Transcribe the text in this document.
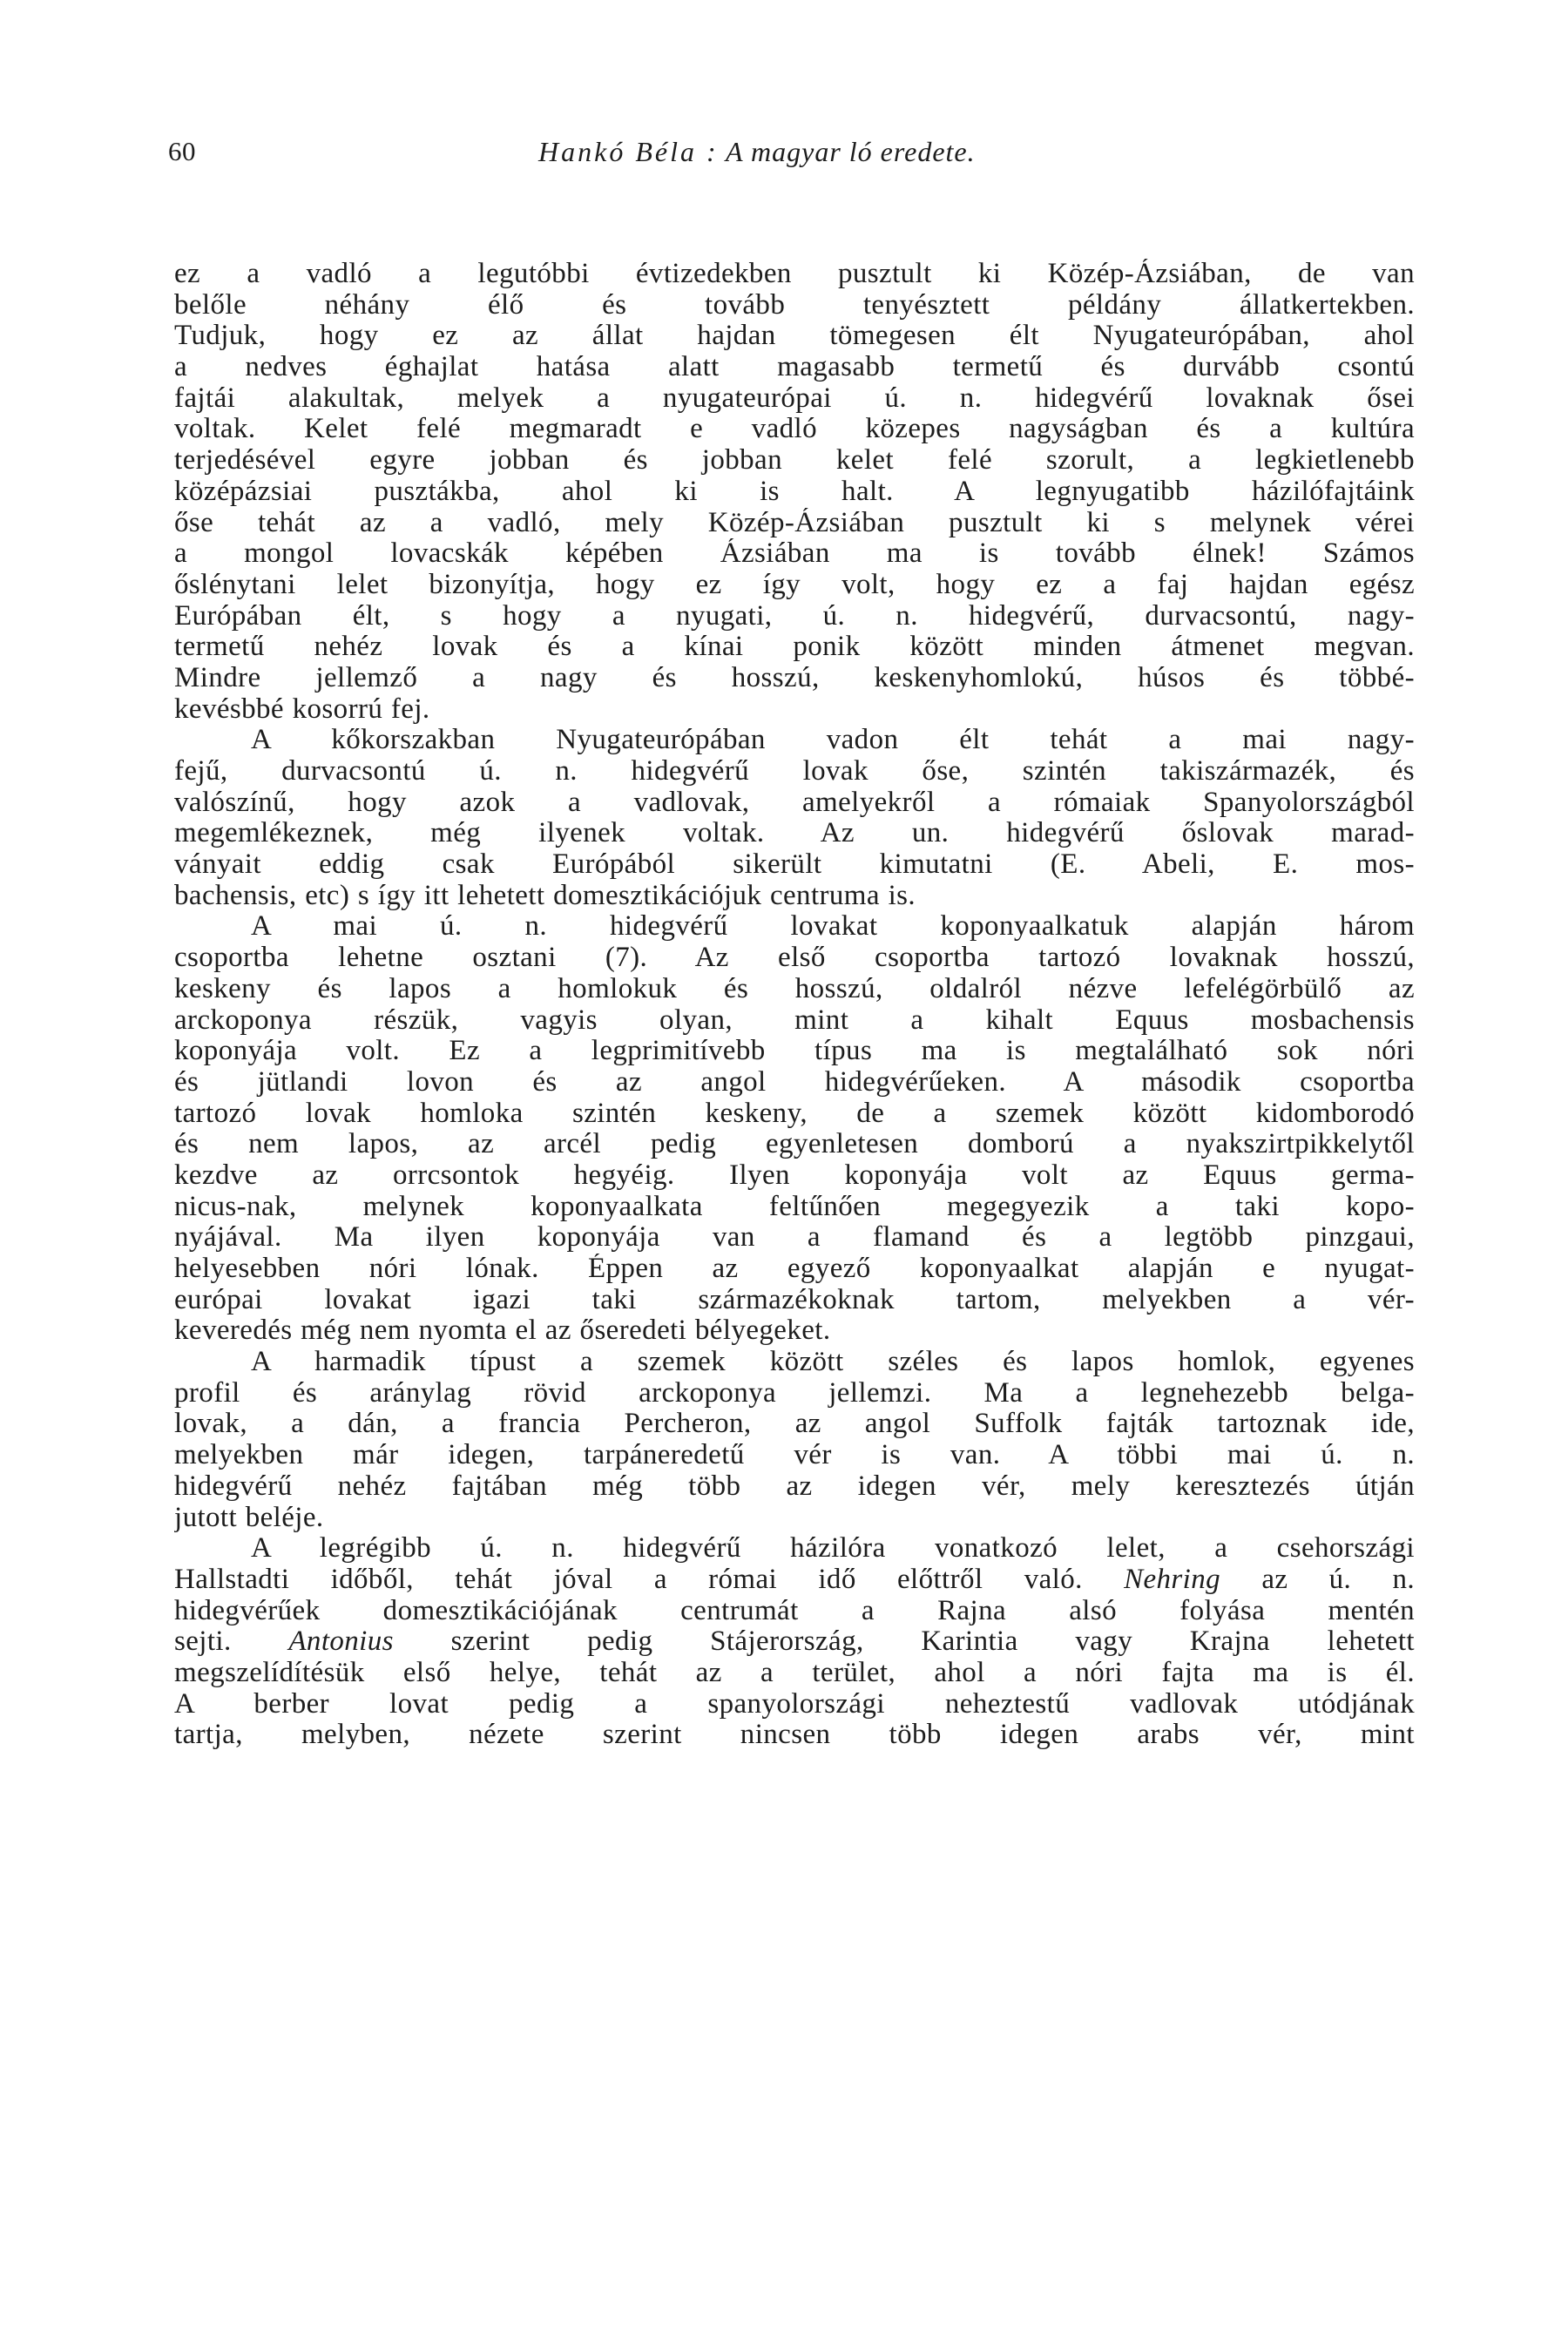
60	Hankó Béla : A magyar ló eredete.
ez a vadló a legutóbbi évtizedekben pusztult ki Közép-Ázsiában, de van
belőle néhány élő és tovább tenyésztett példány állatkertekben.
Tudjuk, hogy ez az állat hajdan tömegesen élt Nyugateurópában, ahol
a nedves éghajlat hatása alatt magasabb termetű és durvább csontú
fajtái alakultak, melyek a nyugateurópai ú. n. hidegvérű lovaknak ősei
voltak. Kelet felé megmaradt e vadló közepes nagyságban és a kultúra
terjedésével egyre jobban és jobban kelet felé szorult, a legkietlenebb
középázsiai pusztákba, ahol ki is halt. A legnyugatibb házilófajtáink
őse tehát az a vadló, mely Közép-Ázsiában pusztult ki s melynek vérei
a mongol lovacskák képében Ázsiában ma is tovább élnek! Számos
őslénytani lelet bizonyítja, hogy ez így volt, hogy ez a faj hajdan egész
Európában élt, s hogy a nyugati, ú. n. hidegvérű, durvacsontú, nagy-
termetű nehéz lovak és a kínai ponik között minden átmenet megvan.
Mindre jellemző a nagy és hosszú, keskenyhomlokú, húsos és többé-
kevésbbé kosorrú fej.
A kőkorszakban Nyugateurópában vadon élt tehát a mai nagy-
fejű, durvacsontú ú. n. hidegvérű lovak őse, szintén takiszármazék, és
valószínű, hogy azok a vadlovak, amelyekről a rómaiak Spanyolországból
megemlékeznek, még ilyenek voltak. Az un. hidegvérű őslovak marad-
ványait eddig csak Európából sikerült kimutatni (E. Abeli, E. mos-
bachensis, etc) s így itt lehetett domesztikációjuk centruma is.
A mai ú. n. hidegvérű lovakat koponyaalkatuk alapján három
csoportba lehetne osztani (7). Az első csoportba tartozó lovaknak hosszú,
keskeny és lapos a homlokuk és hosszú, oldalról nézve lefelégörbülő az
arckoponya részük, vagyis olyan, mint a kihalt Equus mosbachensis
koponyája volt. Ez a legprimitívebb típus ma is megtalálható sok nóri
és jütlandi lovon és az angol hidegvérűeken. A második csoportba
tartozó lovak homloka szintén keskeny, de a szemek között kidomborodó
és nem lapos, az arcél pedig egyenletesen domború a nyakszirtpikkelytől
kezdve az orrcsontok hegyéig. Ilyen koponyája volt az Equus germa-
nicus-nak, melynek koponyaalkata feltűnően megegyezik a taki kopo-
nyájával. Ma ilyen koponyája van a flamand és a legtöbb pinzgaui,
helyesebben nóri lónak. Éppen az egyező koponyaalkat alapján e nyugat-
európai lovakat igazi taki származékoknak tartom, melyekben a vér-
keveredés még nem nyomta el az őseredeti bélyegeket.
A harmadik típust a szemek között széles és lapos homlok, egyenes
profil és aránylag rövid arckoponya jellemzi. Ma a legnehezebb belga-
lovak, a dán, a francia Percheron, az angol Suffolk fajták tartoznak ide,
melyekben már idegen, tarpáneredetű vér is van. A többi mai ú. n.
hidegvérű nehéz fajtában még több az idegen vér, mely keresztezés útján
jutott beléje.
A legrégibb ú. n. hidegvérű házilóra vonatkozó lelet, a csehországi
Hallstadti időből, tehát jóval a római idő előttről való. Nehring az ú. n.
hidegvérűek domesztikációjának centrumát a Rajna alsó folyása mentén
sejti. Antonius szerint pedig Stájerország, Karintia vagy Krajna lehetett
megszelídítésük első helye, tehát az a terület, ahol a nóri fajta ma is él.
A berber lovat pedig a spanyolországi neheztestű vadlovak utódjának
tartja, melyben, nézete szerint nincsen több idegen arabs vér, mint
